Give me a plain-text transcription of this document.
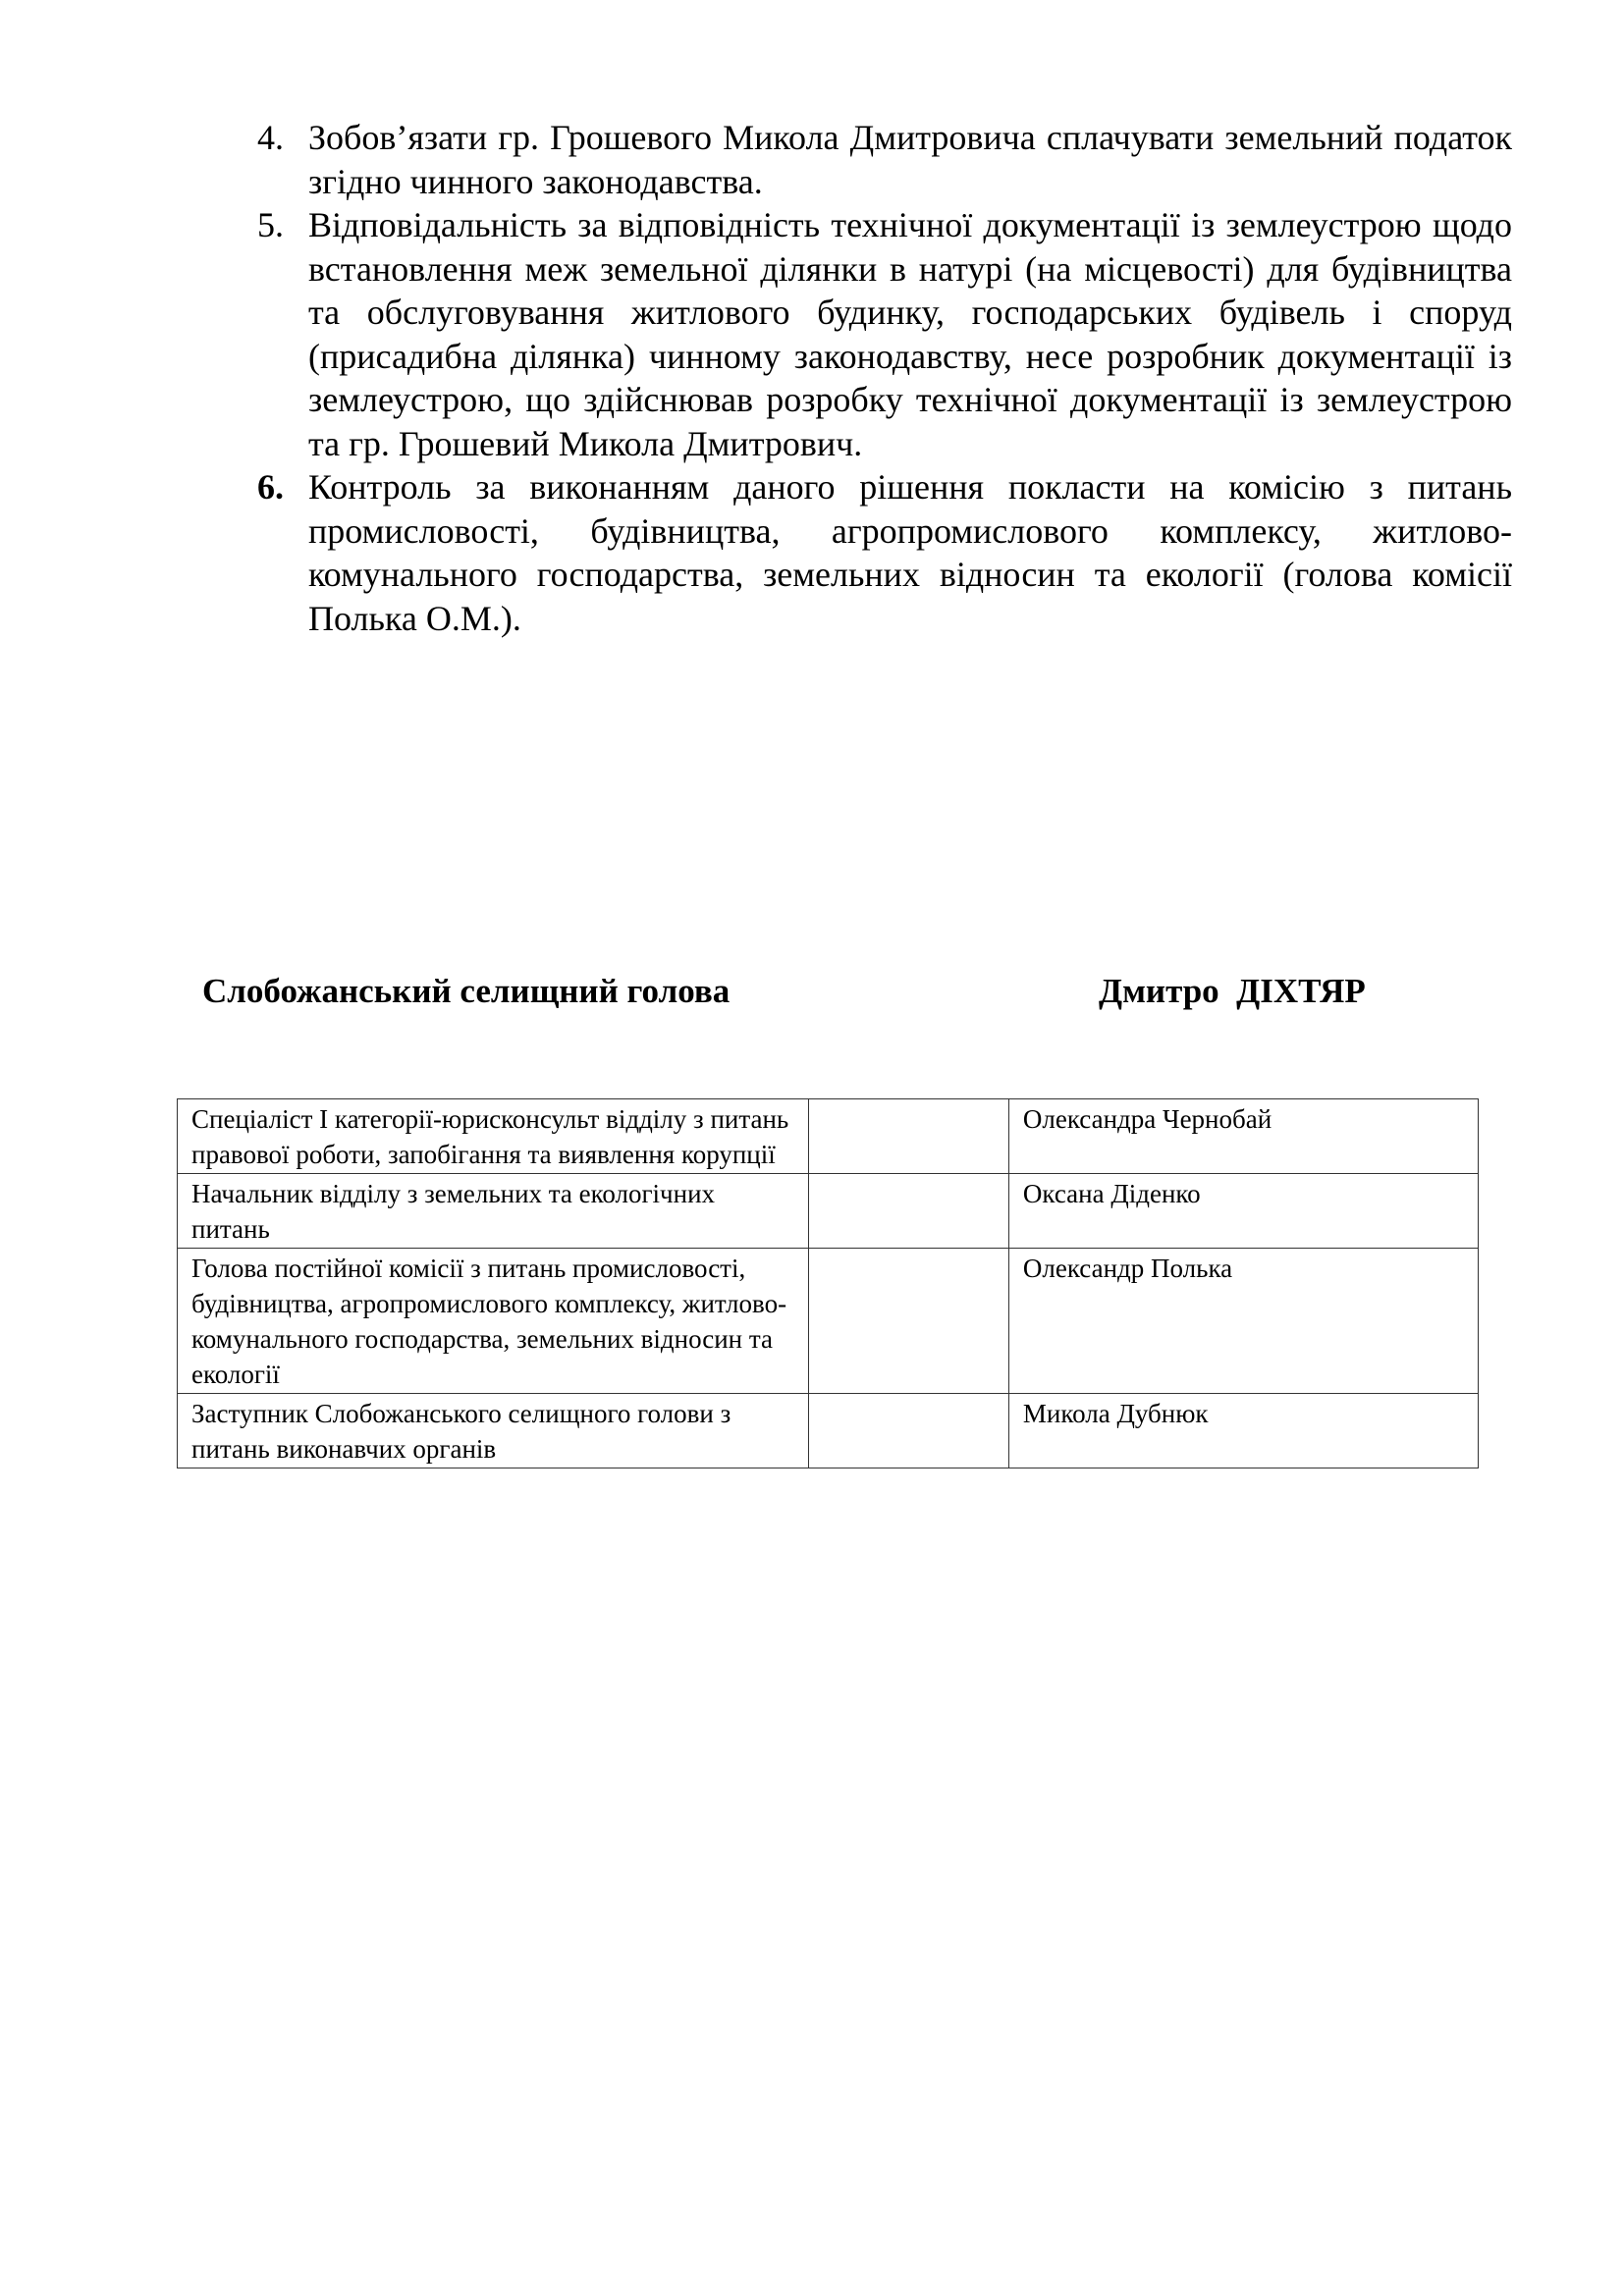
4. Зобов’язати гр. Грошевого Микола Дмитровича сплачувати земельний податок згідно чинного законодавства.
5. Відповідальність за відповідність технічної документації із землеустрою щодо встановлення меж земельної ділянки в натурі (на місцевості) для будівництва та обслуговування житлового будинку, господарських будівель і споруд (присадибна ділянка) чинному законодавству, несе розробник документації із землеустрою, що здійснював розробку технічної документації із землеустрою та гр. Грошевий Микола Дмитрович.
6. Контроль за виконанням даного рішення покласти на комісію з питань промисловості, будівництва, агропромислового комплексу, житлово-комунального господарства, земельних відносин та екології (голова комісії Полька О.М.).
Слобожанський селищний голова	Дмитро  ДІХТЯР
Спеціаліст І категорії-юрисконсульт відділу з питань правової роботи, запобігання та виявлення корупції		Олександра Чернобай
Начальник відділу з земельних та екологічних питань		Оксана Діденко
Голова постійної комісії з питань промисловості, будівництва, агропромислового комплексу, житлово-комунального господарства, земельних відносин та екології		Олександр Полька
Заступник Слобожанського селищного голови з питань виконавчих органів		Микола Дубнюк
